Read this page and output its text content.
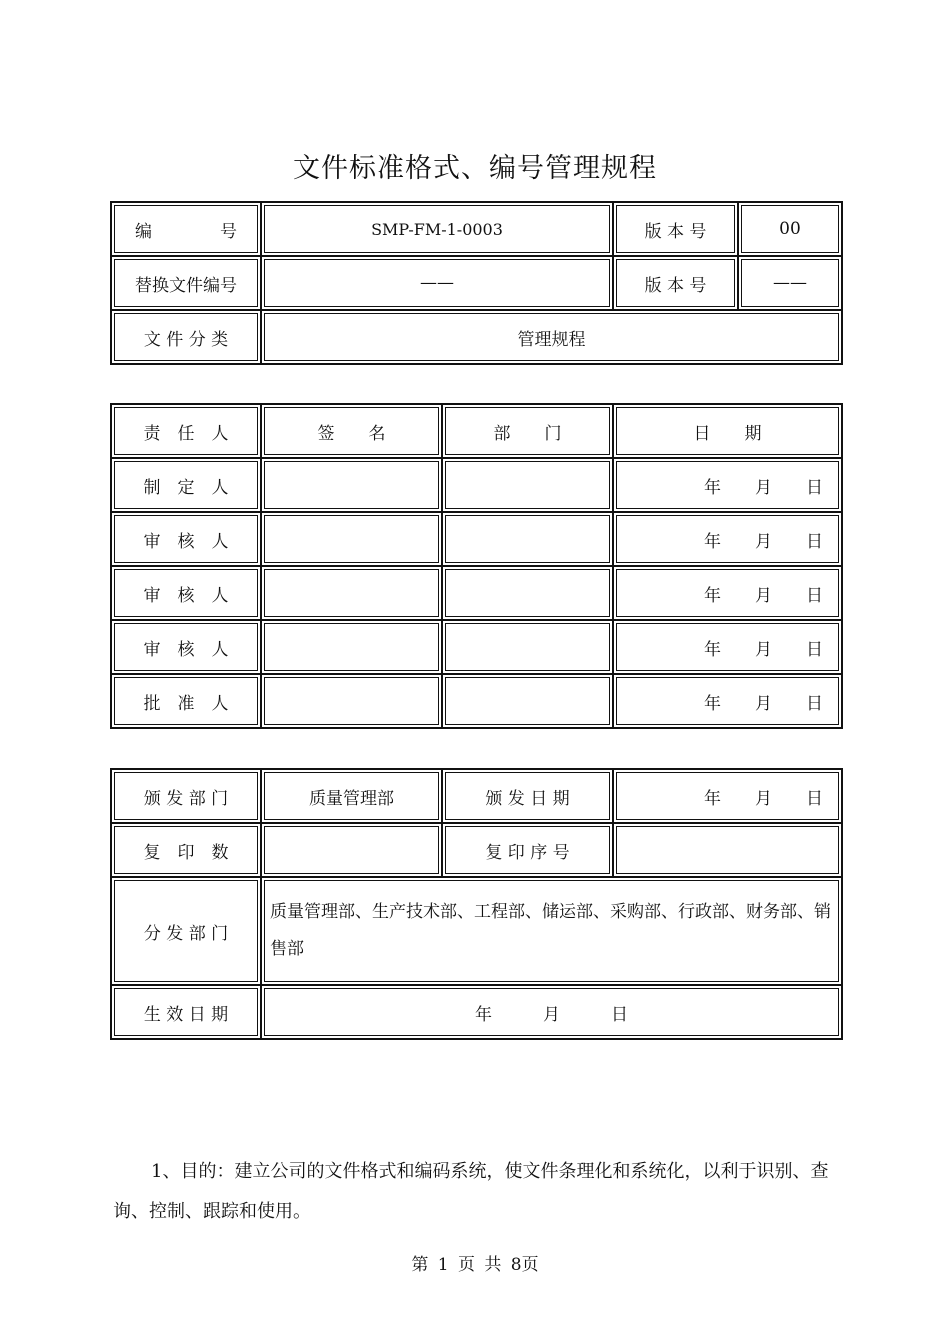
文件标准格式、编号管理规程
编　　　　号	SMP-FM-1-0003	版 本 号	00
替换文件编号	——	版 本 号	——
文 件 分 类	管理规程		
责　任　人	签　　名	部　　门	日　　期
制　定　人			年　　月　　日
审　核　人			年　　月　　日
审　核　人			年　　月　　日
审　核　人			年　　月　　日
批　准　人			年　　月　　日
颁 发 部 门	质量管理部	颁 发 日 期	年　　月　　日
复　印　数		复 印 序 号	
分 发 部 门	质量管理部、生产技术部、工程部、储运部、采购部、行政部、财务部、销售部		
生 效 日 期	年　　　月　　　日		
1、目的：建立公司的文件格式和编码系统，使文件条理化和系统化，以利于识别、查询、控制、跟踪和使用。
第 1 页 共 8页
